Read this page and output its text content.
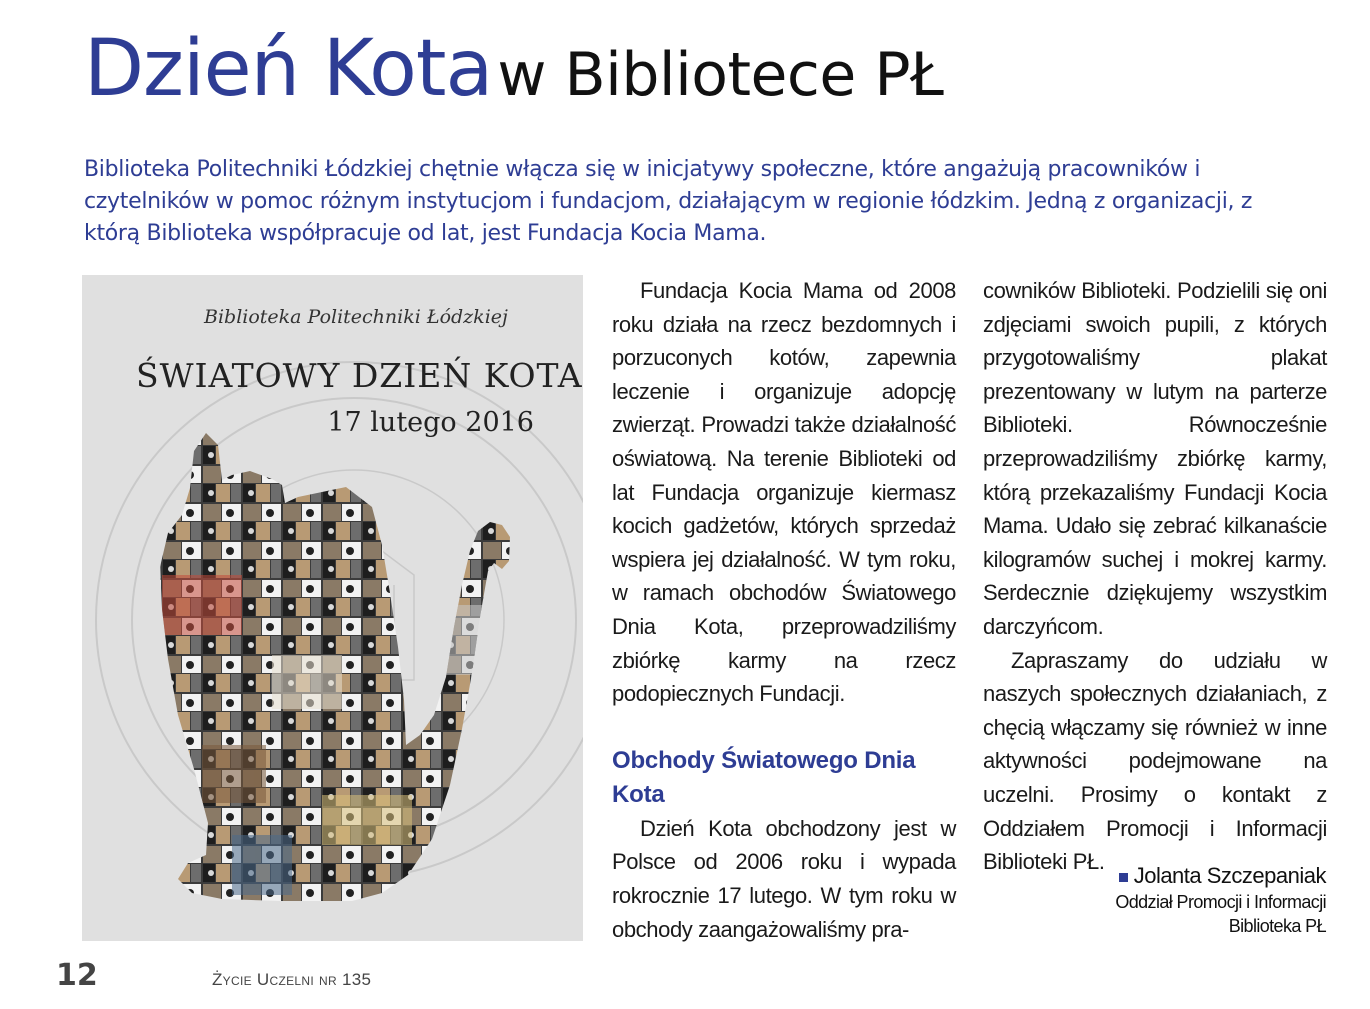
Dzień Kota w Bibliotece PŁ
Biblioteka Politechniki Łódzkiej chętnie włącza się w inicjatywy społeczne, które angażują pracowników i czytelników w pomoc różnym instytucjom i fundacjom, działającym w regionie łódzkim. Jedną z organizacji, z którą Biblioteka współpracuje od lat, jest Fundacja Kocia Mama.
Biblioteka Politechniki Łódzkiej
ŚWIATOWY DZIEŃ KOTA
17 lutego 2016

Fundacja Kocia Mama od 2008 roku działa na rzecz bezdomnych i porzuconych kotów, zapewnia leczenie i organizuje adopcję zwierząt. Prowadzi także działalność oświatową. Na terenie Biblioteki od lat Fundacja organizuje kiermasz kocich gadżetów, których sprzedaż wspiera jej działalność. W tym roku, w ramach obchodów Światowego Dnia Kota, przeprowadziliśmy zbiórkę karmy na rzecz podopiecznych Fundacji.

Obchody Światowego Dnia Kota

Dzień Kota obchodzony jest w Polsce od 2006 roku i wypada rokrocznie 17 lutego. W tym roku w obchody zaangażowaliśmy pra-

cowników Biblioteki. Podzielili się oni zdjęciami swoich pupili, z których przygotowaliśmy plakat prezentowany w lutym na parterze Biblioteki. Równocześnie przeprowadziliśmy zbiórkę karmy, którą przekazaliśmy Fundacji Kocia Mama. Udało się zebrać kilkanaście kilogramów suchej i mokrej karmy. Serdecznie dziękujemy wszystkim darczyńcom.

Zapraszamy do udziału w naszych społecznych działaniach, z chęcią włączamy się również w inne aktywności podejmowane na uczelni. Prosimy o kontakt z Oddziałem Promocji i Informacji Biblioteki PŁ.

Jolanta Szczepaniak
Oddział Promocji i Informacji
Biblioteka PŁ
12	Życie Uczelni nr 135
